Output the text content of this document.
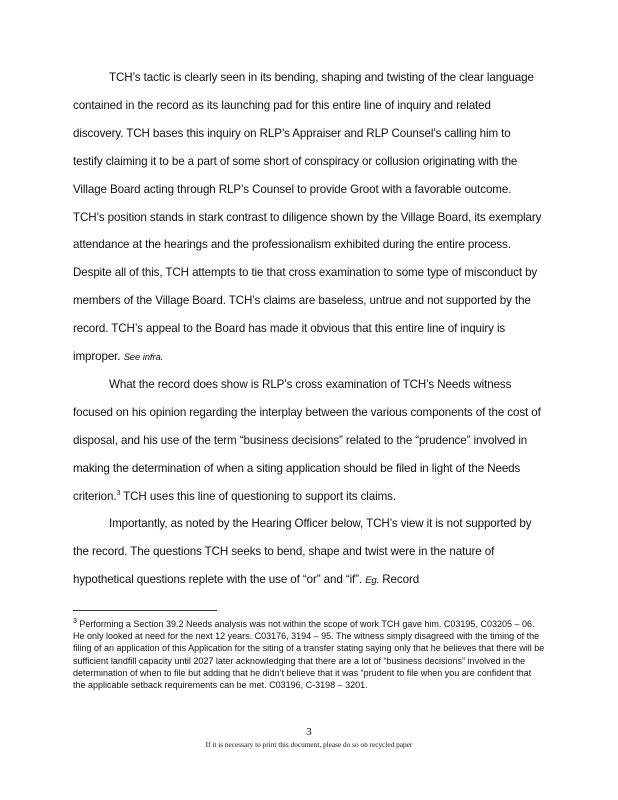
TCH’s tactic is clearly seen in its bending, shaping and twisting of the clear language contained in the record as its launching pad for this entire line of inquiry and related discovery. TCH bases this inquiry on RLP’s Appraiser and RLP Counsel’s calling him to testify claiming it to be a part of some short of conspiracy or collusion originating with the Village Board acting through RLP’s Counsel to provide Groot with a favorable outcome. TCH’s position stands in stark contrast to diligence shown by the Village Board, its exemplary attendance at the hearings and the professionalism exhibited during the entire process. Despite all of this, TCH attempts to tie that cross examination to some type of misconduct by members of the Village Board. TCH’s claims are baseless, untrue and not supported by the record. TCH’s appeal to the Board has made it obvious that this entire line of inquiry is improper. See infra.

What the record does show is RLP’s cross examination of TCH’s Needs witness focused on his opinion regarding the interplay between the various components of the cost of disposal, and his use of the term “business decisions” related to the “prudence” involved in making the determination of when a siting application should be filed in light of the Needs criterion.$^3$ TCH uses this line of questioning to support its claims.

Importantly, as noted by the Hearing Officer below, TCH’s view it is not supported by the record. The questions TCH seeks to bend, shape and twist were in the nature of hypothetical questions replete with the use of “or” and “if”. Eg. Record

$^3$ Performing a Section 39.2 Needs analysis was not within the scope of work TCH gave him. C03195, C03205 – 06. He only looked at need for the next 12 years. C03176, 3194 – 95. The witness simply disagreed with the timing of the filing of an application of this Application for the siting of a transfer stating saying only that he believes that there will be sufficient landfill capacity until 2027 later acknowledging that there are a lot of “business decisions” involved in the determination of when to file but adding that he didn’t believe that it was “prudent to file when you are confident that the applicable setback requirements can be met. C03196, C-3198 – 3201.

3
If it is necessary to print this document, please do so on recycled paper
